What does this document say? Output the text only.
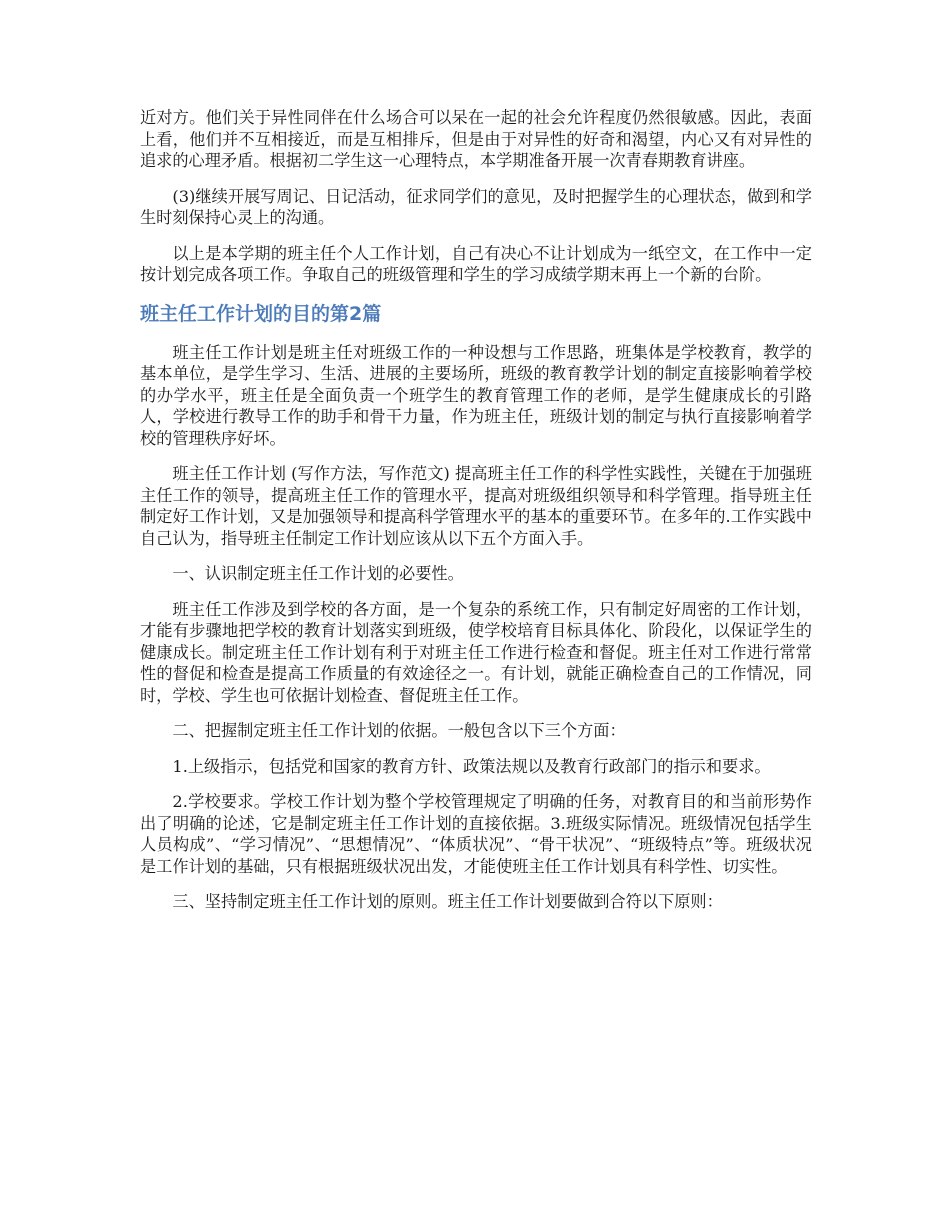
近对方。他们关于异性同伴在什么场合可以呆在一起的社会允许程度仍然很敏感。因此，表面上看，他们并不互相接近，而是互相排斥，但是由于对异性的好奇和渴望，内心又有对异性的追求的心理矛盾。根据初二学生这一心理特点，本学期准备开展一次青春期教育讲座。

(3)继续开展写周记、日记活动，征求同学们的意见，及时把握学生的心理状态，做到和学生时刻保持心灵上的沟通。

以上是本学期的班主任个人工作计划，自己有决心不让计划成为一纸空文，在工作中一定按计划完成各项工作。争取自己的班级管理和学生的学习成绩学期末再上一个新的台阶。

班主任工作计划的目的第2篇

班主任工作计划是班主任对班级工作的一种设想与工作思路，班集体是学校教育，教学的基本单位，是学生学习、生活、进展的主要场所，班级的教育教学计划的制定直接影响着学校的办学水平，班主任是全面负责一个班学生的教育管理工作的老师，是学生健康成长的引路人，学校进行教导工作的助手和骨干力量，作为班主任，班级计划的制定与执行直接影响着学校的管理秩序好坏。

班主任工作计划 (写作方法，写作范文) 提高班主任工作的科学性实践性，关键在于加强班主任工作的领导，提高班主任工作的管理水平，提高对班级组织领导和科学管理。指导班主任制定好工作计划，又是加强领导和提高科学管理水平的基本的重要环节。在多年的.工作实践中自己认为，指导班主任制定工作计划应该从以下五个方面入手。

一、认识制定班主任工作计划的必要性。

班主任工作涉及到学校的各方面，是一个复杂的系统工作，只有制定好周密的工作计划，才能有步骤地把学校的教育计划落实到班级，使学校培育目标具体化、阶段化，以保证学生的健康成长。制定班主任工作计划有利于对班主任工作进行检查和督促。班主任对工作进行常常性的督促和检查是提高工作质量的有效途径之一。有计划，就能正确检查自己的工作情况，同时，学校、学生也可依据计划检查、督促班主任工作。

二、把握制定班主任工作计划的依据。一般包含以下三个方面：

1.上级指示，包括党和国家的教育方针、政策法规以及教育行政部门的指示和要求。

2.学校要求。学校工作计划为整个学校管理规定了明确的任务，对教育目的和当前形势作出了明确的论述，它是制定班主任工作计划的直接依据。3.班级实际情况。班级情况包括学生人员构成”、“学习情况”、“思想情况”、“体质状况”、“骨干状况”、“班级特点”等。班级状况是工作计划的基础，只有根据班级状况出发，才能使班主任工作计划具有科学性、切实性。

三、坚持制定班主任工作计划的原则。班主任工作计划要做到合符以下原则：
